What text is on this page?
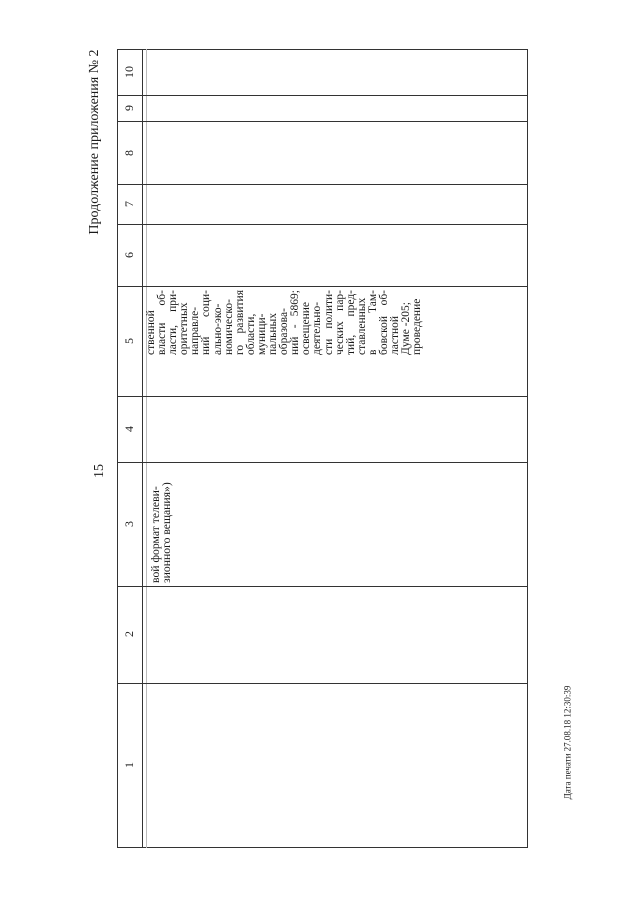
15
Продолжение приложения № 2
Дата печати 27.08.18 12:30:39
1
2
3
4
5
6
7
8
9
10
вой формат телеви-
зионного вещания»)
ственной власти об- ласти, при- оритетных направле- ний соци- ально-эко- номическо- го развития области, муници- пальных образова- ний - 5869; освещение деятельно- сти полити- ческих пар- тий, пред- ставленных в Там- бовской об- ластной Думе -205; проведение
